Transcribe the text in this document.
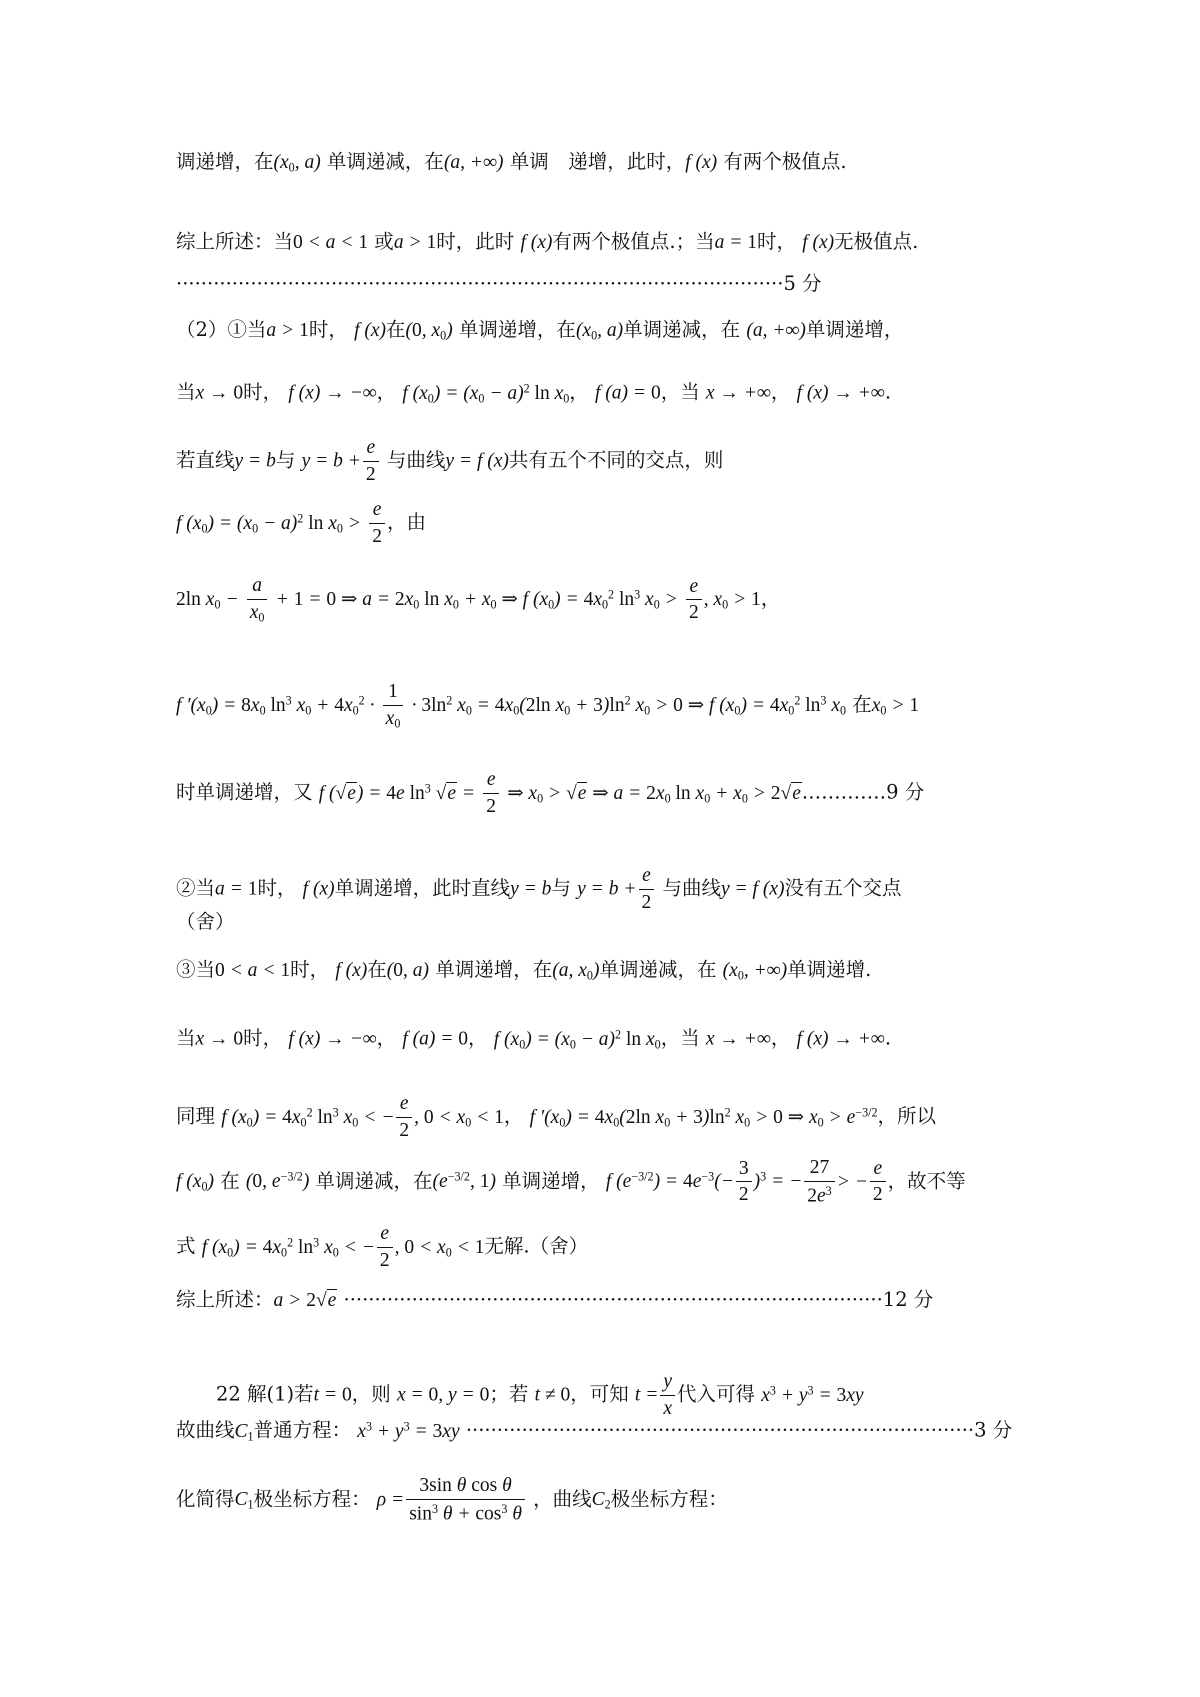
调递增，在($x_0$, a) 单调递减，在(a, +∞) 单调　递增，此时，f (x) 有两个极值点.
综上所述：当0 < a < 1 或a > 1时，此时 f (x)有两个极值点.；当a = 1时， f (x)无极值点.
··································································································5 分
（2）①当a > 1时， f (x)在(0, $x_0$) 单调递增，在($x_0$, a)单调递减，在 (a, +∞)单调递增，
当x → 0时， f (x) → −∞， f $(x_0) = (x_0 - a)^2$ $\ln x_0$， f (a) = 0，当 x → +∞， f (x) → +∞.
若直线y = b与 $y = b + \frac{e}{2}$ 与曲线y = f (x)共有五个不同的交点，则
f $(x_0) = (x_0 - a)^2$ $\ln x_0 > \frac{e}{2}$ ，由
2ln $x_0 - \frac{a}{x_0} + 1 = 0$ ⇒ $a = 2x_0$ $\ln x_0 + x_0$ ⇒ f $(x_0) = 4x_0^2$ $\ln^3 x_0 > \frac{e}{2}$ , $x_0 > 1$，
f $'(x_0) = 8x_0$ $\ln^3 x_0 + 4x_0^2 \cdot \frac{1}{x_0} \cdot 3\ln^2$ $x_0 = 4x_0(2\ln$ $x_0 + 3)\ln^2$ $x_0 > 0$ ⇒ f $(x_0) = 4x_0^2$ $\ln^3 x_0$ 在$x_0 > 1$
时单调递增，又 f (√e) = 4e $\ln^3 √e = \frac{e}{2}$ ⇒ $x_0 > √e$ ⇒ $a = 2x_0$ $\ln x_0 + x_0$ > 2√e.…………9 分
②当a = 1时， f (x)单调递增，此时直线y = b与 $y = b + \frac{e}{2}$ 与曲线y = f (x)没有五个交点
（舍）
③当0 < a < 1时， f (x)在(0, a) 单调递增，在(a, $x_0$)单调递减，在 ($x_0$, +∞)单调递增.
当x → 0时， f (x) → −∞， f (a) = 0， f $(x_0) = (x_0 - a)^2$ $\ln x_0$，当 x → +∞， f (x) → +∞.
同理 f $(x_0) = 4x_0^2$ $\ln^3 x_0$ < − $\frac{e}{2}$ , $0 < x_0 < 1$， f $'(x_0) = 4x_0(2\ln$ $x_0 + 3)\ln^2$ $x_0 > 0$ ⇒ $x_0 > e^{-3/2}$，所以
f $(x_0)$ 在 (0, $e^{-3/2}$) 单调递减，在($e^{-3/2}$, 1) 单调递增， f $(e^{-3/2}) = 4e^{-3}(- \frac{3}{2} )^3$ = − $\frac{27}{2e^3}$ > − $\frac{e}{2}$ ，故不等
式 f $(x_0) = 4x_0^2$ $\ln^3 x_0$ < − $\frac{e}{2}$ , $0 < x_0 < 1$无解.（舍）
综上所述：a > 2√e ·······················································································12 分
22 解(1)若t = 0，则 x = 0, y = 0；若 t ≠ 0，可知 $t = \frac{y}{x}$ 代入可得 $x^3 + y^3 = 3xy$
故曲线$C_1$普通方程： $x^3 + y^3 = 3xy \cdot\cdot\cdot\cdot\cdot\cdot\cdot\cdot\cdot\cdot\cdot\cdot\cdot\cdot\cdot\cdot\cdot\cdot\cdot\cdot\cdot\cdot\cdot\cdot\cdot\cdot\cdot\cdot\cdot\cdot\cdot\cdot\cdot\cdot\cdot\cdot\cdot\cdot\cdot\cdot\cdot\cdot\cdot\cdot\cdot\cdot\cdot\cdot\cdot\cdot\cdot\cdot\cdot\cdot\cdot\cdot\cdot\cdot\cdot\cdot\cdot\cdot\cdot\cdot\cdot\cdot\cdot\cdot\cdot\cdot\cdot\cdot\cdot\cdot\cdot\cdot\cdot\cdot\cdot\cdot\cdot\cdot 3$ 分
化简得$C_1$极坐标方程： $\rho = \frac{\text{3sin θ cos θ}}{\sin^3 \theta + \cos^3 \theta}$ ，曲线$C_2$极坐标方程：
